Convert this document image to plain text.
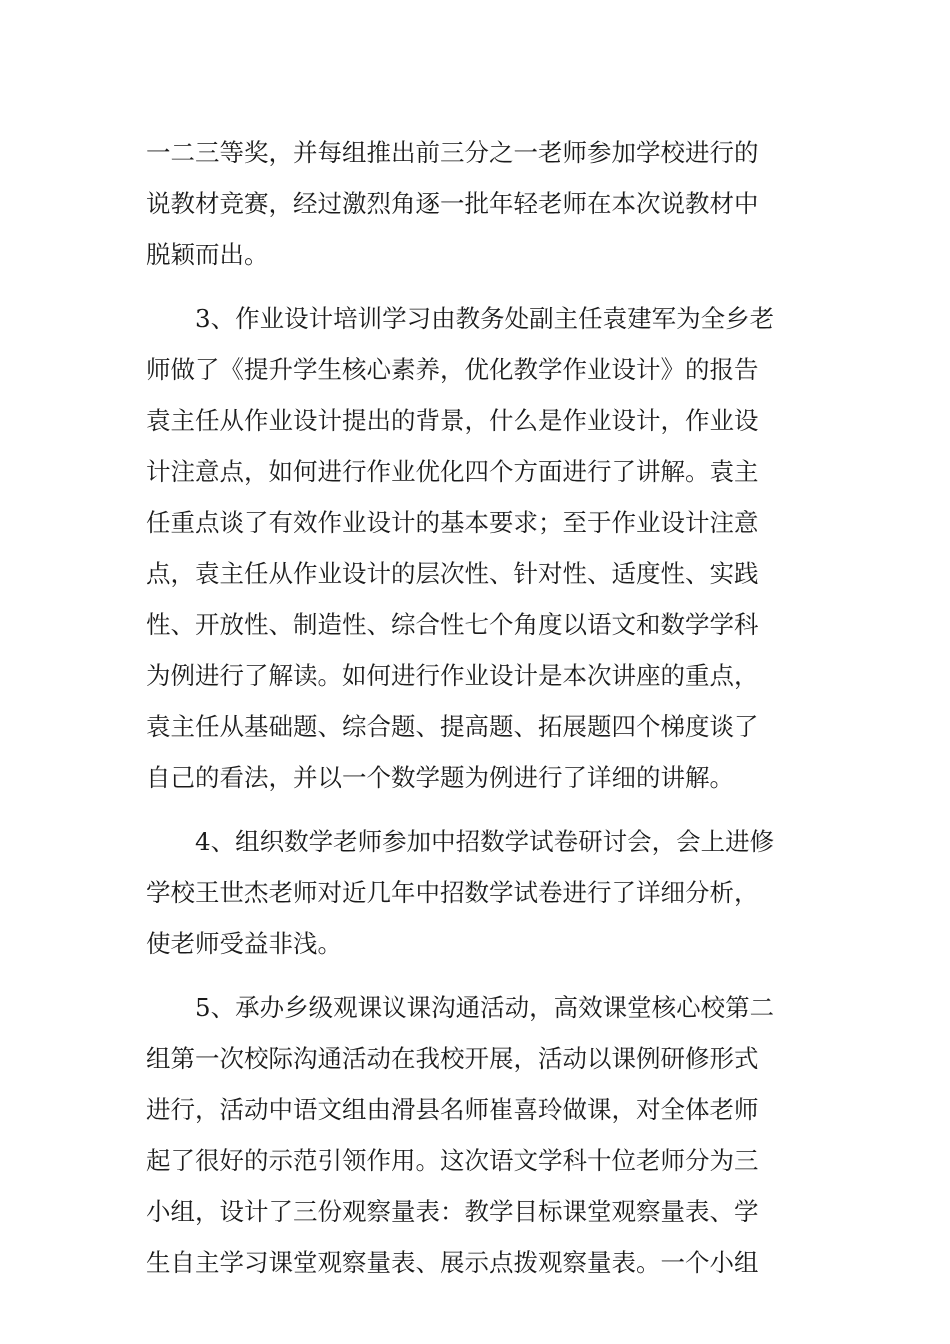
一二三等奖，并每组推出前三分之一老师参加学校进行的
说教材竞赛，经过激烈角逐一批年轻老师在本次说教材中
脱颖而出。
　　3、作业设计培训学习由教务处副主任袁建军为全乡老
师做了《提升学生核心素养，优化教学作业设计》的报告
袁主任从作业设计提出的背景，什么是作业设计，作业设
计注意点，如何进行作业优化四个方面进行了讲解。袁主
任重点谈了有效作业设计的基本要求；至于作业设计注意
点，袁主任从作业设计的层次性、针对性、适度性、实践
性、开放性、制造性、综合性七个角度以语文和数学学科
为例进行了解读。如何进行作业设计是本次讲座的重点，
袁主任从基础题、综合题、提高题、拓展题四个梯度谈了
自己的看法，并以一个数学题为例进行了详细的讲解。
　　4、组织数学老师参加中招数学试卷研讨会，会上进修
学校王世杰老师对近几年中招数学试卷进行了详细分析，
使老师受益非浅。
　　5、承办乡级观课议课沟通活动，高效课堂核心校第二
组第一次校际沟通活动在我校开展，活动以课例研修形式
进行，活动中语文组由滑县名师崔喜玲做课，对全体老师
起了很好的示范引领作用。这次语文学科十位老师分为三
小组，设计了三份观察量表：教学目标课堂观察量表、学
生自主学习课堂观察量表、展示点拨观察量表。一个小组
